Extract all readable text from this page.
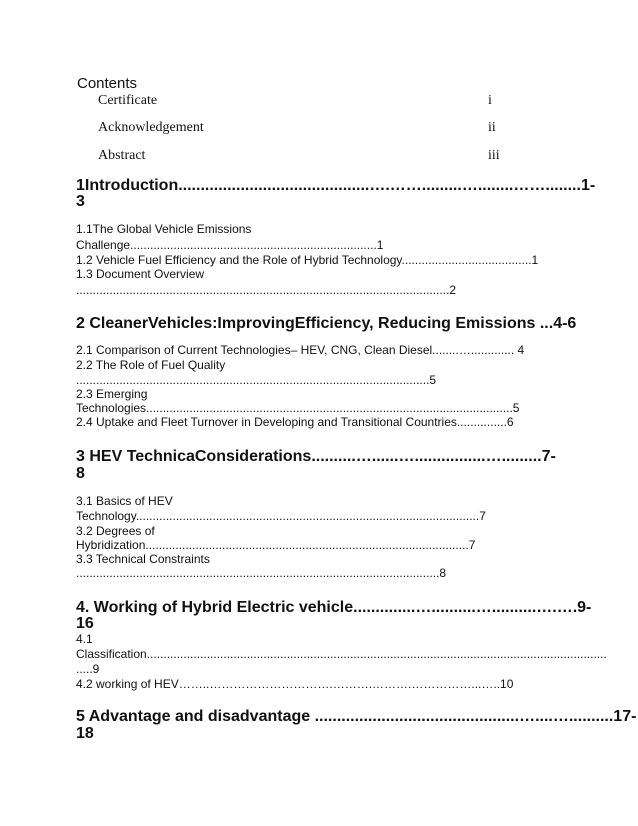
Contents
Certificate	i
Acknowledgement	ii
Abstract	iii
1Introduction...........................................….…….........…........……........1-
3
1.1The Global Vehicle Emissions
Challenge..........................................................................1
1.2 Vehicle Fuel Efficiency and the Role of Hybrid Technology.......................................1
1.3 Document Overview
................................................................................................................2
2 CleanerVehicles:ImprovingEfficiency, Reducing Emissions ...4-6
2.1 Comparison of Current Technologies– HEV, CNG, Clean Diesel........…............. 4
2.2 The Role of Fuel Quality
..........................................................................................................5
2.3 Emerging
Technologies..............................................................................................................5
2.4 Uptake and Fleet Turnover in Developing and Transitional Countries...............6
3 HEV TechnicaConsiderations..........…......…................….........7-
8
3.1 Basics of HEV
Technology.......................................................................................................7
3.2 Degrees of
Hybridization.................................................................................................7
3.3 Technical Constraints
.............................................................................................................8
4. Working of Hybrid Electric vehicle..............…..........…..........….….9-
16
4.1
Classification..........................................................................................................................................
.....9
4.2 working of HEV……..………………………….……….……….……………...…..10
5 Advantage and disadvantage ..............................................…....…..........17-
18
